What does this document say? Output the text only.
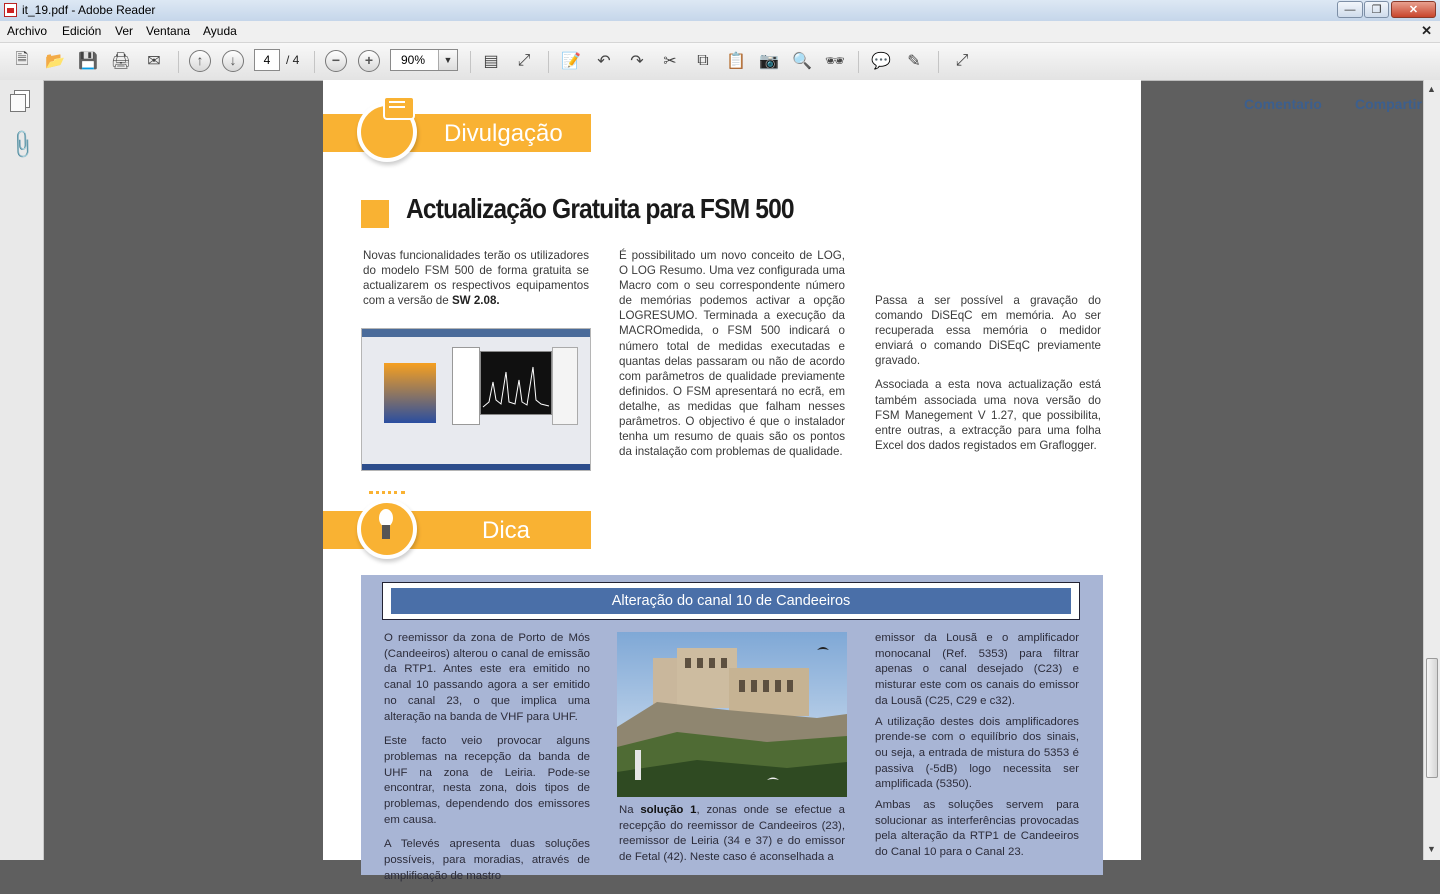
it_19.pdf - Adobe Reader	—	❐	✕
Archivo Edición Ver Ventana Ayuda	✕
🗎	📂 💾 🖨	✉	↑	↓	−	+	▤	⤢	📝	↶	↷	✂	⧉	📋 📷 🔍 🕶 💬	✎	⤢
Comentario Compartir
4	/ 4	90%	▼
📎
▲
▼
Divulgação
Actualização Gratuita para FSM 500
Novas funcionalidades terão os utilizadores do modelo FSM 500 de forma gratuita se actualizarem os respectivos equipamentos com a versão de SW 2.08.
É possibilitado um novo conceito de LOG, O LOG Resumo. Uma vez configurada uma Macro com o seu correspondente número de memórias podemos activar a opção LOGRESUMO. Terminada a execução da MACROmedida, o FSM 500 indicará o número total de medidas executadas e quantas delas passaram ou não de acordo com parâmetros de qualidade previamente definidos. O FSM apresentará no ecrã, em detalhe, as medidas que falham nesses parâmetros. O objectivo é que o instalador tenha um resumo de quais são os pontos da instalação com problemas de qualidade.

Passa a ser possível a gravação do comando DiSEqC em memória. Ao ser recuperada essa memória o medidor enviará o comando DiSEqC previamente gravado.

Associada a esta nova actualização está também associada uma nova versão do FSM Manegement V 1.27, que possibilita, entre outras, a extracção para uma folha Excel dos dados registados em Graflogger.

Dica
Alteração do canal 10 de Candeeiros

O reemissor da zona de Porto de Mós (Candeeiros) alterou o canal de emissão da RTP1. Antes este era emitido no canal 10 passando agora a ser emitido no canal 23, o que implica uma alteração na banda de VHF para UHF.

Este facto veio provocar alguns problemas na recepção da banda de UHF na zona de Leiria. Pode-se encontrar, nesta zona, dois tipos de problemas, dependendo dos emissores em causa.

A Televés apresenta duas soluções possíveis, para moradias, através de amplificação de mastro

Na solução 1, zonas onde se efectue a recepção do reemissor de Candeeiros (23), reemissor de Leiria (34 e 37) e do emissor de Fetal (42). Neste caso é aconselhada a

emissor da Lousã e o amplificador monocanal (Ref. 5353) para filtrar apenas o canal desejado (C23) e misturar este com os canais do emissor da Lousã (C25, C29 e c32).

A utilização destes dois amplificadores prende-se com o equilíbrio dos sinais, ou seja, a entrada de mistura do 5353 é passiva (-5dB) logo necessita ser amplificada (5350).

Ambas as soluções servem para solucionar as interferências provocadas pela alteração da RTP1 de Candeeiros do Canal 10 para o Canal 23.
